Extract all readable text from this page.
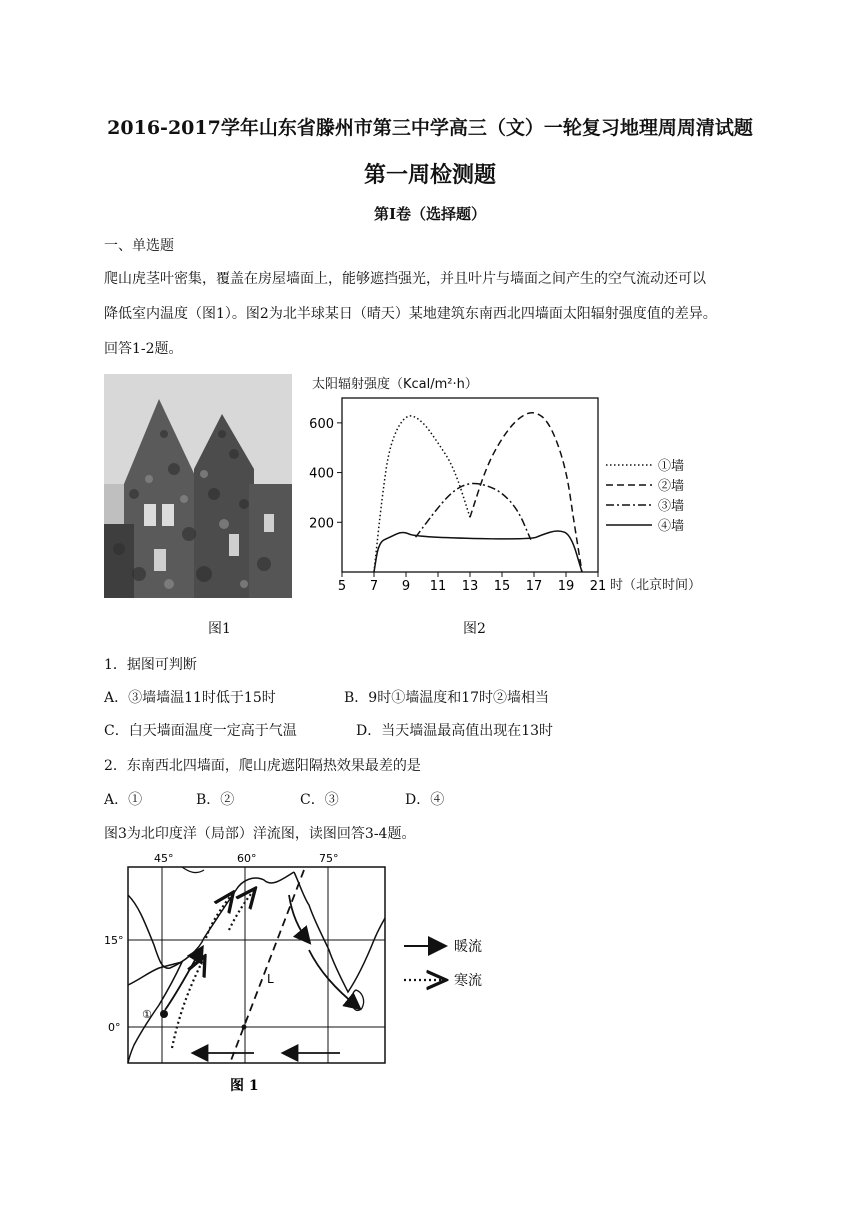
2016-2017学年山东省滕州市第三中学高三（文）一轮复习地理周周清试题
第一周检测题
第Ⅰ卷（选择题）
一、单选题
爬山虎茎叶密集，覆盖在房屋墙面上，能够遮挡强光，并且叶片与墙面之间产生的空气流动还可以
降低室内温度（图1）。图2为北半球某日（晴天）某地建筑东南西北四墙面太阳辐射强度值的差异。
回答1-2题。
太阳辐射强度（Kcal/m²·h）
时（北京时间）
5 7 9 11 13 15 17 19 21
200
400
600
①墙
②墙
③墙
④墙
图1	图2
1．据图可判断
A．③墙墙温11时低于15时	B．9时①墙温度和17时②墙相当
C．白天墙面温度一定高于气温	D．当天墙温最高值出现在13时
2．东南西北四墙面，爬山虎遮阳隔热效果最差的是
A．①	B．②	C．③	D．④
图3为北印度洋（局部）洋流图，读图回答3-4题。
45°	60°	75°
15°
0°
L
①
暖流
寒流
图 1
